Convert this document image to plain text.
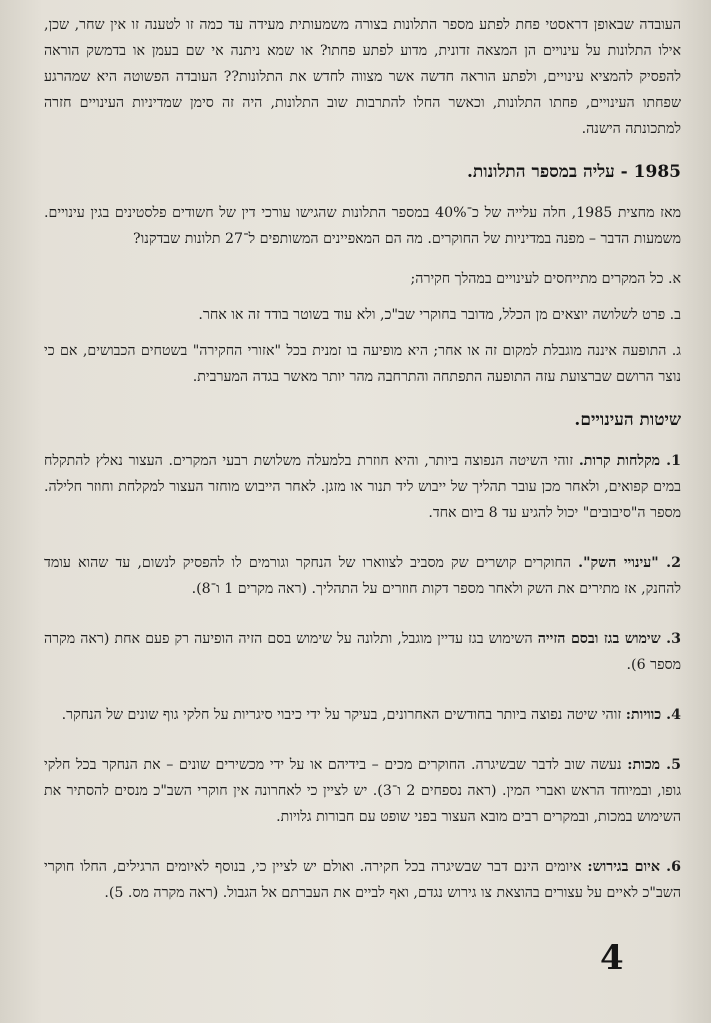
העובדה שבאופן דראסטי פחת לפתע מספר התלונות בצורה משמעותית מעידה עד כמה זו לטענה זו אין שחר, שכן, אילו התלונות על עינויים הן המצאה זדונית, מדוע לפתע פחתו? או שמא ניתנה אי שם בעמן או בדמשק הוראה להפסיק להמציא עינויים, ולפתע הוראה חדשה אשר מצווה לחדש את התלונות?? העובדה הפשוטה היא שמהרגע שפחתו העינויים, פחתו התלונות, וכאשר החלו להתרבות שוב התלונות, היה זה סימן שמדיניות העינויים חזרה למתכונתה הישנה.

1985 - עליה במספר התלונות.

מאז מחצית 1985, חלה עלייה של כ־40% במספר התלונות שהגישו עורכי דין של חשודים פלסטינים בגין עינויים. משמעות הדבר – מפנה במדיניות של החוקרים. מה הם המאפיינים המשותפים ל־27 תלונות שבדקנו?

א. כל המקרים מתייחסים לעינויים במהלך חקירה;

ב. פרט לשלושה יוצאים מן הכלל, מדובר בחוקרי שב"כ, ולא עוד בשוטר בודד זה או אחר.

ג. התופעה איננה מוגבלת למקום זה או אחר; היא מופיעה בו זמנית בכל "אזורי החקירה" בשטחים הכבושים, אם כי נוצר הרושם שברצועת עזה התופעה התפתחה והתרחבה מהר יותר מאשר בגדה המערבית.

שיטות העינויים.

1. מקלחות קרות. זוהי השיטה הנפוצה ביותר, והיא חוזרת בלמעלה משלושת רבעי המקרים. העצור נאלץ להתקלח במים קפואים, ולאחר מכן עובר תהליך של ייבוש ליד תנור או מזגן. לאחר הייבוש מוחזר העצור למקלחת וחוזר חלילה. מספר ה"סיבובים" יכול להגיע עד 8 ביום אחד.

2. "עינויי השק". החוקרים קושרים שק מסביב לצווארו של הנחקר וגורמים לו להפסיק לנשום, עד שהוא עומד להחנק, אז מתירים את השק ולאחר מספר דקות חוזרים על התהליך. (ראה מקרים 1 ו־8).

3. שימוש בגז ובסם הזייה השימוש בגז עדיין מוגבל, ותלונה על שימוש בסם הזיה הופיעה רק פעם אחת (ראה מקרה מספר 6).

4. כוויות: זוהי שיטה נפוצה ביותר בחודשים האחרונים, בעיקר על ידי כיבוי סיגריות על חלקי גוף שונים של הנחקר.

5. מכות: נעשה שוב לדבר שבשיגרה. החוקרים מכים – בידיהם או על ידי מכשירים שונים – את הנחקר בכל חלקי גופו, ובמיוחד הראש ואברי המין. (ראה נספחים 2 ו־3). יש לציין כי לאחרונה אין חוקרי השב"כ מנסים להסתיר את השימוש במכות, ובמקרים רבים מובא העצור בפני שופט עם חבורות גלויות.

6. איום בגירוש: איומים הינם דבר שבשיגרה בכל חקירה. ואולם יש לציין כי, בנוסף לאיומים הרגילים, החלו חוקרי השב"כ לאיים על עצורים בהוצאת צו גירוש נגדם, ואף לביים את העברתם אל הגבול. (ראה מקרה מס. 5).

4
